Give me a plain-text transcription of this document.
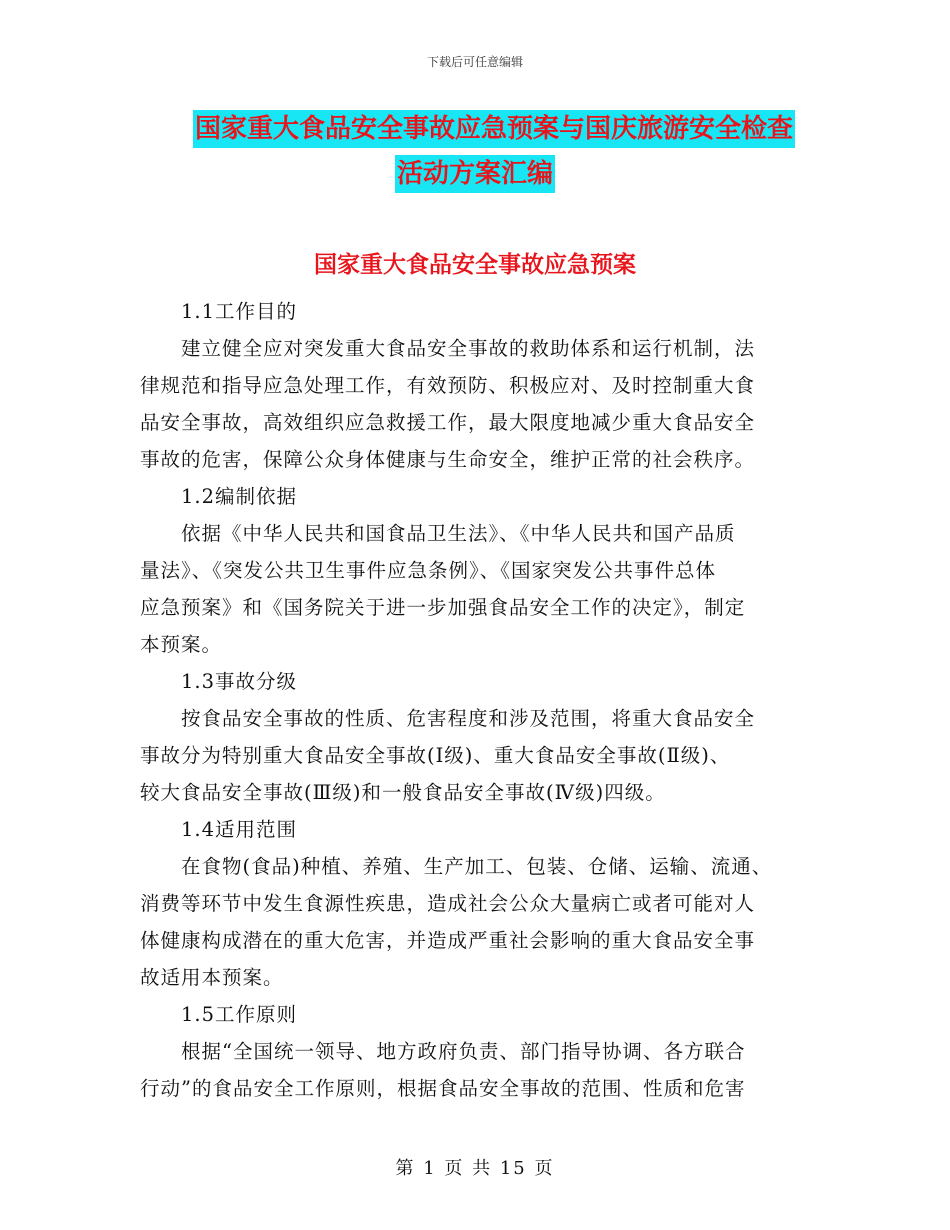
下载后可任意编辑
国家重大食品安全事故应急预案与国庆旅游安全检查
活动方案汇编
国家重大食品安全事故应急预案
　　1.1工作目的
　　建立健全应对突发重大食品安全事故的救助体系和运行机制，法
律规范和指导应急处理工作，有效预防、积极应对、及时控制重大食
品安全事故，高效组织应急救援工作，最大限度地减少重大食品安全
事故的危害，保障公众身体健康与生命安全，维护正常的社会秩序。
　　1.2编制依据
　　依据《中华人民共和国食品卫生法》、《中华人民共和国产品质
量法》、《突发公共卫生事件应急条例》、《国家突发公共事件总体
应急预案》和《国务院关于进一步加强食品安全工作的决定》，制定
本预案。
　　1.3事故分级
　　按食品安全事故的性质、危害程度和涉及范围，将重大食品安全
事故分为特别重大食品安全事故(Ⅰ级)、重大食品安全事故(Ⅱ级)、
较大食品安全事故(Ⅲ级)和一般食品安全事故(Ⅳ级)四级。
　　1.4适用范围
　　在食物(食品)种植、养殖、生产加工、包装、仓储、运输、流通、
消费等环节中发生食源性疾患，造成社会公众大量病亡或者可能对人
体健康构成潜在的重大危害，并造成严重社会影响的重大食品安全事
故适用本预案。
　　1.5工作原则
　　根据“全国统一领导、地方政府负责、部门指导协调、各方联合
行动”的食品安全工作原则，根据食品安全事故的范围、性质和危害
第 1 页 共 15 页
